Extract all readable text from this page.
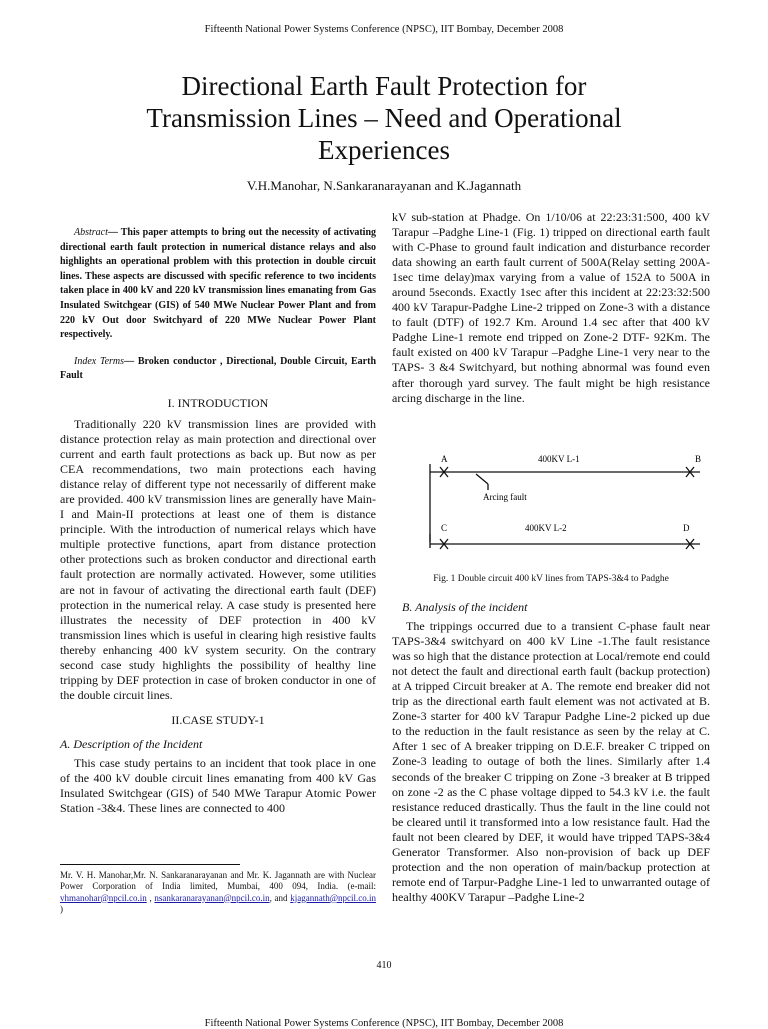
Fifteenth National Power Systems Conference (NPSC), IIT Bombay, December 2008
Directional Earth Fault Protection for
Transmission Lines – Need and Operational
Experiences
V.H.Manohar, N.Sankaranarayanan and K.Jagannath

Abstract— This paper attempts to bring out the necessity of activating directional earth fault protection in numerical distance relays and also highlights an operational problem with this protection in double circuit lines. These aspects are discussed with specific reference to two incidents taken place in 400 kV and 220 kV transmission lines emanating from Gas Insulated Switchgear (GIS) of 540 MWe Nuclear Power Plant and from 220 kV Out door Switchyard of 220 MWe Nuclear Power Plant respectively.

Index Terms— Broken conductor , Directional, Double Circuit, Earth Fault

I. INTRODUCTION

Traditionally 220 kV transmission lines are provided with distance protection relay as main protection and directional over current and earth fault protections as back up. But now as per CEA recommendations, two main protections each having distance relay of different type not necessarily of different make are provided. 400 kV transmission lines are generally have Main-I and Main-II protections at least one of them is distance principle. With the introduction of numerical relays which have multiple protective functions, apart from distance protection other protections such as broken conductor and directional earth fault protection are normally activated. However, some utilities are not in favour of activating the directional earth fault (DEF) protection in the numerical relay. A case study is presented here illustrates the necessity of DEF protection in 400 kV transmission lines which is useful in clearing high resistive faults thereby enhancing 400 kV system security. On the contrary second case study highlights the possibility of healthy line tripping by DEF protection in case of broken conductor in one of the double circuit lines.

II.CASE STUDY-1

A. Description of the Incident

This case study pertains to an incident that took place in one of the 400 kV double circuit lines emanating from 400 kV Gas Insulated Switchgear (GIS) of 540 MWe Tarapur Atomic Power Station -3&4. These lines are connected to 400

Mr. V. H. Manohar,Mr. N. Sankaranarayanan and Mr. K. Jagannath are with Nuclear Power Corporation of India limited, Mumbai, 400 094, India. (e-mail: vhmanohar@npcil.co.in , nsankaranarayanan@npcil.co.in, and kjagannath@npcil.co.in )

kV sub-station at Phadge. On 1/10/06 at 22:23:31:500, 400 kV Tarapur –Padghe Line-1 (Fig. 1) tripped on directional earth fault with C-Phase to ground fault indication and disturbance recorder data showing an earth fault current of 500A(Relay setting 200A-1sec time delay)max varying from a value of 152A to 500A in around 5seconds. Exactly 1sec after this incident at 22:23:32:500 400 kV Tarapur-Padghe Line-2 tripped on Zone-3 with a distance to fault (DTF) of 192.7 Km. Around 1.4 sec after that 400 kV Padghe Line-1 remote end tripped on Zone-2 DTF- 92Km. The fault existed on 400 kV Tarapur –Padghe Line-1 very near to the TAPS- 3 &4 Switchyard, but nothing abnormal was found even after thorough yard survey. The fault might be high resistance arcing discharge in the line.

A	400KV L-1	B
Arcing fault
C	400KV L-2	D
Fig. 1 Double circuit 400 kV lines from TAPS-3&4 to Padghe

B. Analysis of the incident

The trippings occurred due to a transient C-phase fault near TAPS-3&4 switchyard on 400 kV Line -1.The fault resistance was so high that the distance protection at Local/remote end could not detect the fault and directional earth fault (backup protection) at A tripped Circuit breaker at A. The remote end breaker did not trip as the directional earth fault element was not activated at B. Zone-3 starter for 400 kV Tarapur Padghe Line-2 picked up due to the reduction in the fault resistance as seen by the relay at C. After 1 sec of A breaker tripping on D.E.F. breaker C tripped on Zone-3 leading to outage of both the lines. Similarly after 1.4 seconds of the breaker C tripping on Zone -3 breaker at B tripped on zone -2 as the C phase voltage dipped to 54.3 kV i.e. the fault resistance reduced drastically. Thus the fault in the line could not be cleared until it transformed into a low resistance fault. Had the fault not been cleared by DEF, it would have tripped TAPS-3&4 Generator Transformer. Also non-provision of back up DEF protection and the non operation of main/backup protection at remote end of Tarpur-Padghe Line-1 led to unwarranted outage of healthy 400KV Tarapur –Padghe Line-2

410
Fifteenth National Power Systems Conference (NPSC), IIT Bombay, December 2008
